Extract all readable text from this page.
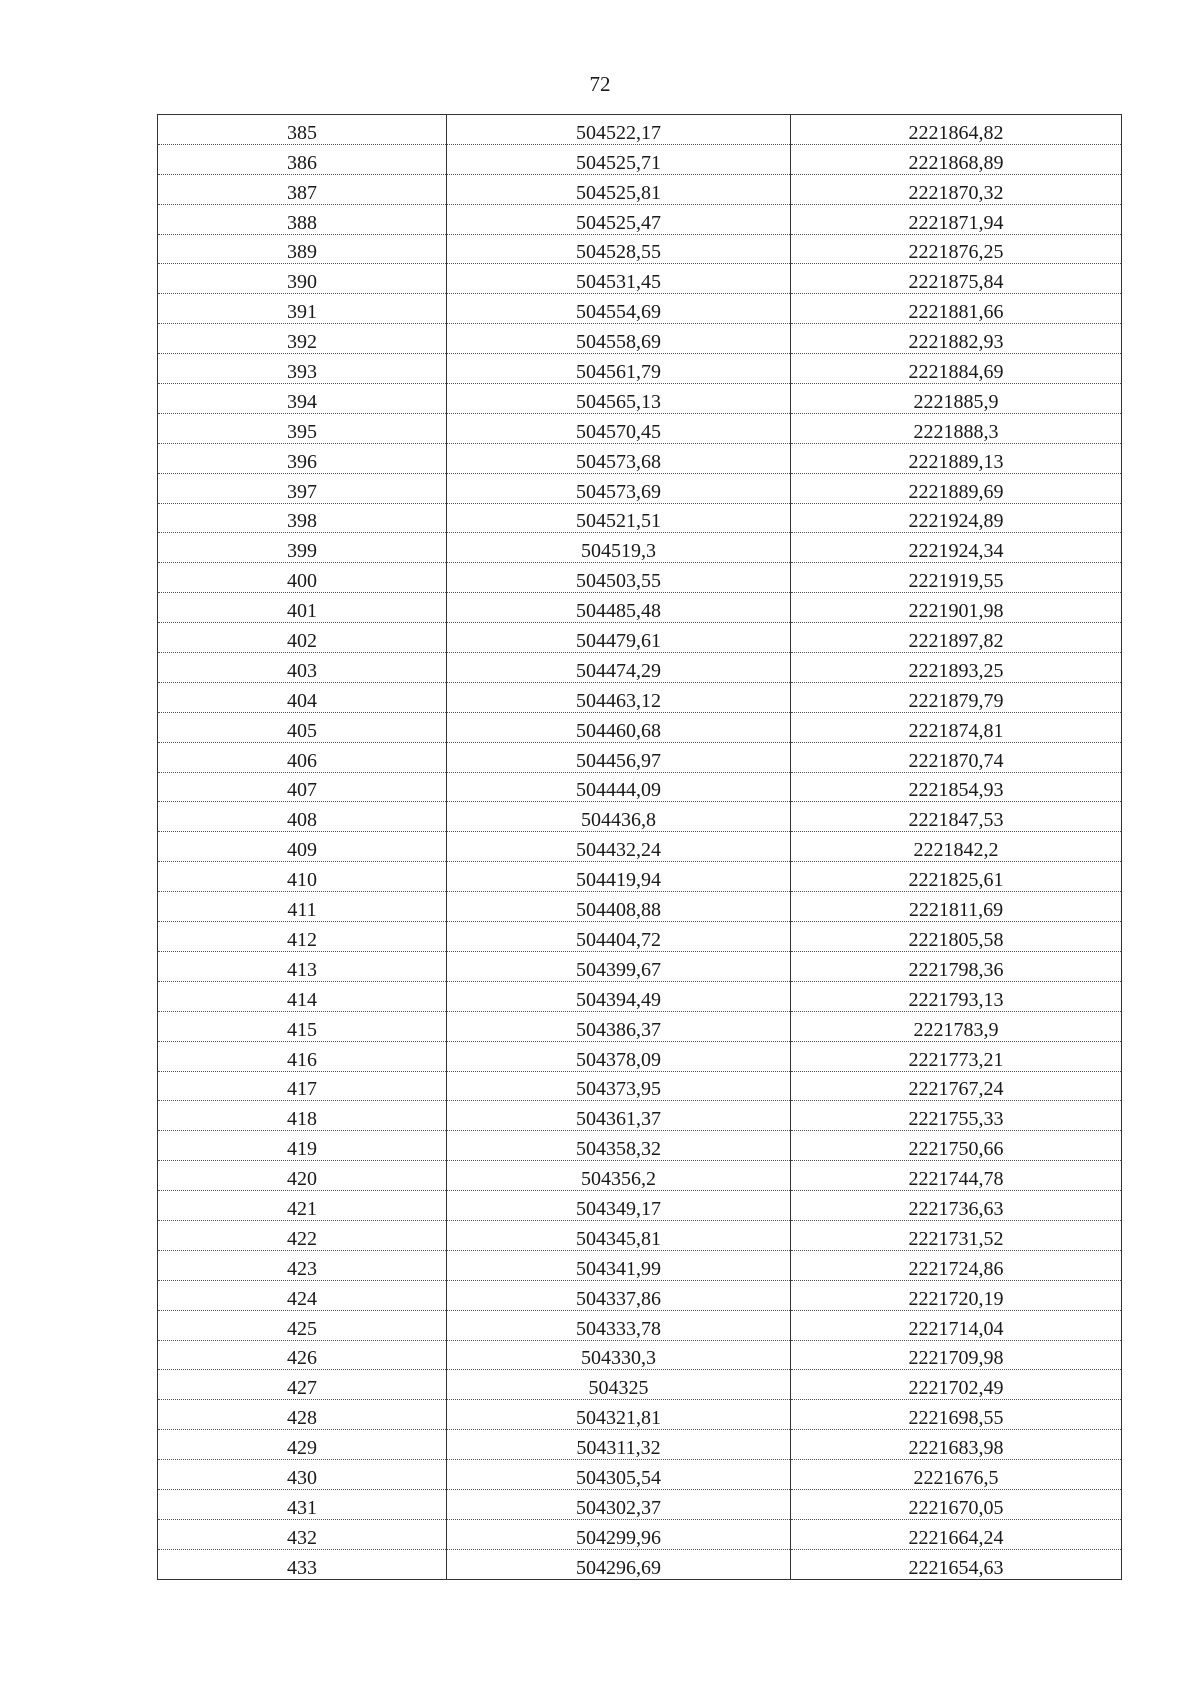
72
385	504522,17	2221864,82
386	504525,71	2221868,89
387	504525,81	2221870,32
388	504525,47	2221871,94
389	504528,55	2221876,25
390	504531,45	2221875,84
391	504554,69	2221881,66
392	504558,69	2221882,93
393	504561,79	2221884,69
394	504565,13	2221885,9
395	504570,45	2221888,3
396	504573,68	2221889,13
397	504573,69	2221889,69
398	504521,51	2221924,89
399	504519,3	2221924,34
400	504503,55	2221919,55
401	504485,48	2221901,98
402	504479,61	2221897,82
403	504474,29	2221893,25
404	504463,12	2221879,79
405	504460,68	2221874,81
406	504456,97	2221870,74
407	504444,09	2221854,93
408	504436,8	2221847,53
409	504432,24	2221842,2
410	504419,94	2221825,61
411	504408,88	2221811,69
412	504404,72	2221805,58
413	504399,67	2221798,36
414	504394,49	2221793,13
415	504386,37	2221783,9
416	504378,09	2221773,21
417	504373,95	2221767,24
418	504361,37	2221755,33
419	504358,32	2221750,66
420	504356,2	2221744,78
421	504349,17	2221736,63
422	504345,81	2221731,52
423	504341,99	2221724,86
424	504337,86	2221720,19
425	504333,78	2221714,04
426	504330,3	2221709,98
427	504325	2221702,49
428	504321,81	2221698,55
429	504311,32	2221683,98
430	504305,54	2221676,5
431	504302,37	2221670,05
432	504299,96	2221664,24
433	504296,69	2221654,63
